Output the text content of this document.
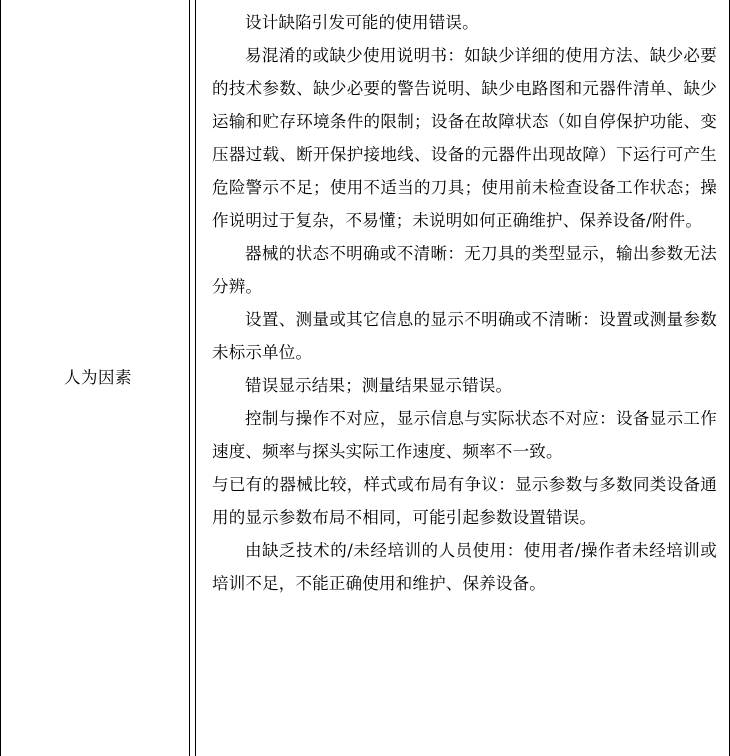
人为因素

设计缺陷引发可能的使用错误。

易混淆的或缺少使用说明书：如缺少详细的使用方法、缺少必要的技术参数、缺少必要的警告说明、缺少电路图和元器件清单、缺少运输和贮存环境条件的限制；设备在故障状态（如自停保护功能、变压器过载、断开保护接地线、设备的元器件出现故障）下运行可产生危险警示不足；使用不适当的刀具；使用前未检查设备工作状态；操作说明过于复杂，不易懂；未说明如何正确维护、保养设备/附件。

器械的状态不明确或不清晰：无刀具的类型显示，输出参数无法分辨。

设置、测量或其它信息的显示不明确或不清晰：设置或测量参数未标示单位。

错误显示结果；测量结果显示错误。

控制与操作不对应，显示信息与实际状态不对应：设备显示工作速度、频率与探头实际工作速度、频率不一致。

与已有的器械比较，样式或布局有争议：显示参数与多数同类设备通用的显示参数布局不相同，可能引起参数设置错误。

由缺乏技术的/未经培训的人员使用：使用者/操作者未经培训或培训不足，不能正确使用和维护、保养设备。
